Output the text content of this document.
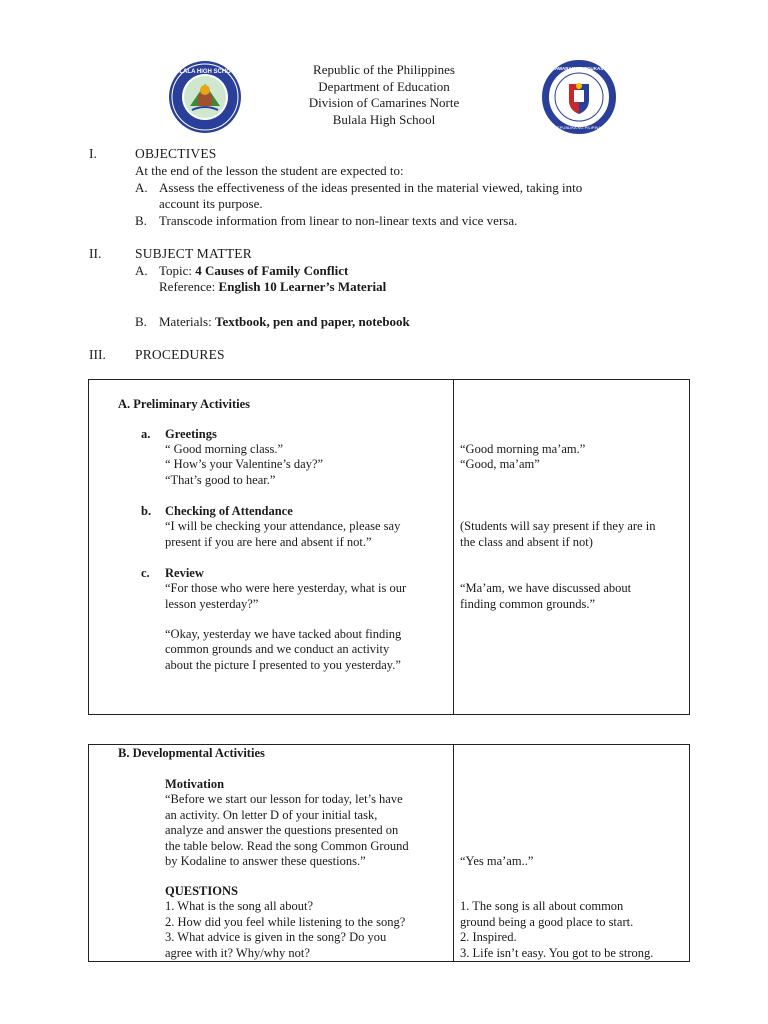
BULALA HIGH SCHOOL
KAGAWARAN NG EDUKASYON
REPUBLIKA NG PILIPINAS
Republic of the Philippines
Department of Education
Division of Camarines Norte
Bulala High School
I.	OBJECTIVES
At the end of the lesson the student are expected to:
A. Assess the effectiveness of the ideas presented in the material viewed, taking into
account its purpose.
B. Transcode information from linear to non-linear texts and vice versa.
II. SUBJECT MATTER
A. Topic: 4 Causes of Family Conflict
Reference: English 10 Learner’s Material
B. Materials: Textbook, pen and paper, notebook
III. PROCEDURES
A. Preliminary Activities
a. Greetings
“ Good morning class.”
“ How’s your Valentine’s day?”
“That’s good to hear.”
b. Checking of Attendance
“I will be checking your attendance, please say
present if you are here and absent if not.”
c. Review
“For those who were here yesterday, what is our
lesson yesterday?”
“Okay, yesterday we have tacked about finding
common grounds and we conduct an activity
about the picture I presented to you yesterday.”
“Good morning ma’am.”
“Good, ma’am”
(Students will say present if they are in
the class and absent if not)
“Ma’am, we have discussed about
finding common grounds.”
B. Developmental Activities
Motivation
“Before we start our lesson for today, let’s have
an activity. On letter D of your initial task,
analyze and answer the questions presented on
the table below. Read the song Common Ground
by Kodaline to answer these questions.”
QUESTIONS
1. What is the song all about?
2. How did you feel while listening to the song?
3. What advice is given in the song? Do you
agree with it? Why/why not?
“Yes ma’am..”
1. The song is all about common
ground being a good place to start.
2. Inspired.
3. Life isn’t easy. You got to be strong.
